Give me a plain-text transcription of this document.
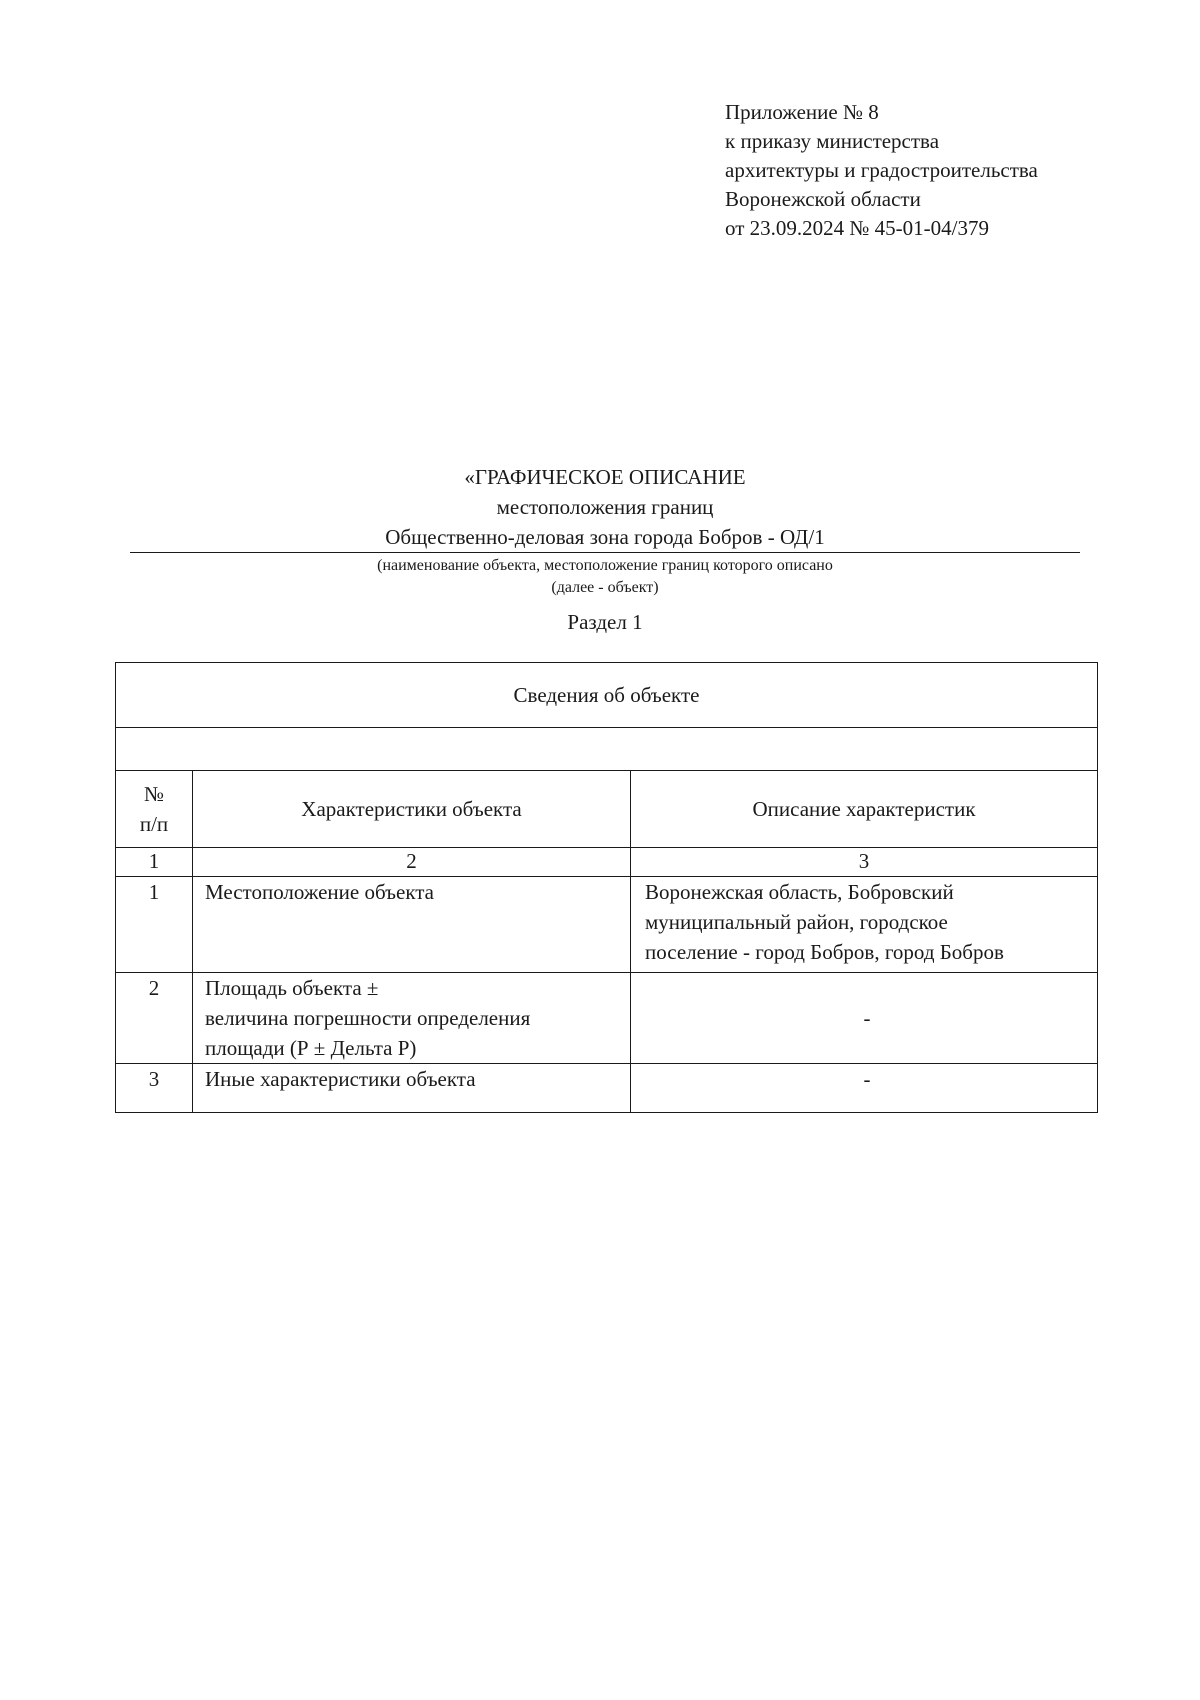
Приложение № 8
к приказу министерства
архитектуры и градостроительства
Воронежской области
от 23.09.2024 № 45-01-04/379
«ГРАФИЧЕСКОЕ ОПИСАНИЕ
местоположения границ
Общественно-деловая зона города Бобров - ОД/1
(наименование объекта, местоположение границ которого описано
(далее - объект)
Раздел 1
Сведения об объекте		

№
п/п	Характеристики объекта	Описание характеристик
1	2	3
1	Местоположение объекта	Воронежская область, Бобровский
муниципальный район, городское
поселение - город Бобров, город Бобров

2	Площадь объекта ±
величина погрешности определения
площади (Р ± Дельта Р)	-

3	Иные характеристики объекта	-
